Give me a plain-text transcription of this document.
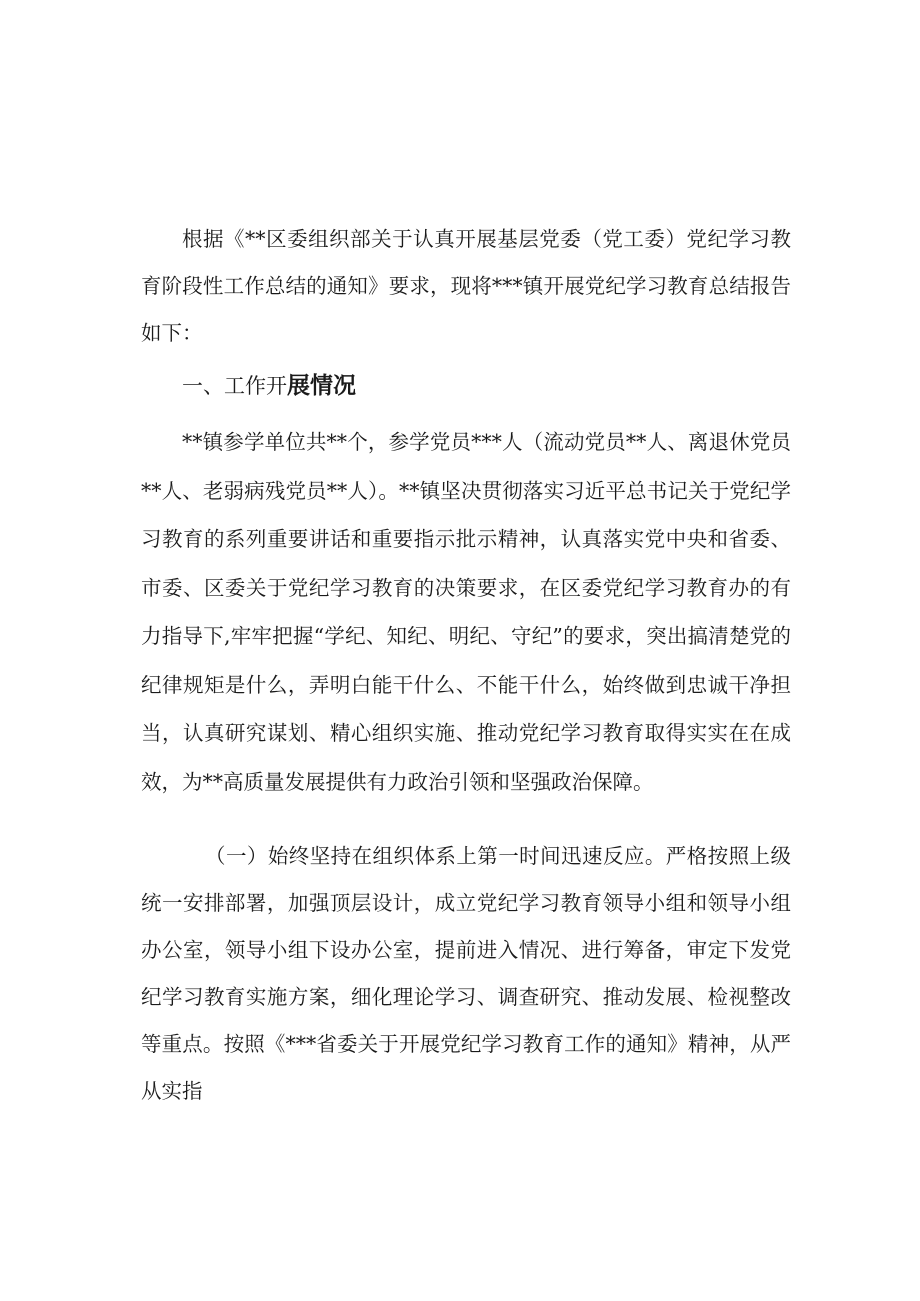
根据《**区委组织部关于认真开展基层党委（党工委）党纪学习教育阶段性工作总结的通知》要求，现将***镇开展党纪学习教育总结报告如下：
一、工作开展情况
**镇参学单位共**个，参学党员***人（流动党员**人、离退休党员**人、老弱病残党员**人）。**镇坚决贯彻落实习近平总书记关于党纪学习教育的系列重要讲话和重要指示批示精神，认真落实党中央和省委、市委、区委关于党纪学习教育的决策要求，在区委党纪学习教育办的有力指导下,牢牢把握“学纪、知纪、明纪、守纪”的要求，突出搞清楚党的纪律规矩是什么，弄明白能干什么、不能干什么，始终做到忠诚干净担当，认真研究谋划、精心组织实施、推动党纪学习教育取得实实在在成效，为**高质量发展提供有力政治引领和坚强政治保障。
（一）始终坚持在组织体系上第一时间迅速反应。严格按照上级统一安排部署，加强顶层设计，成立党纪学习教育领导小组和领导小组办公室，领导小组下设办公室，提前进入情况、进行筹备，审定下发党纪学习教育实施方案，细化理论学习、调查研究、推动发展、检视整改等重点。按照《***省委关于开展党纪学习教育工作的通知》精神，从严从实指
